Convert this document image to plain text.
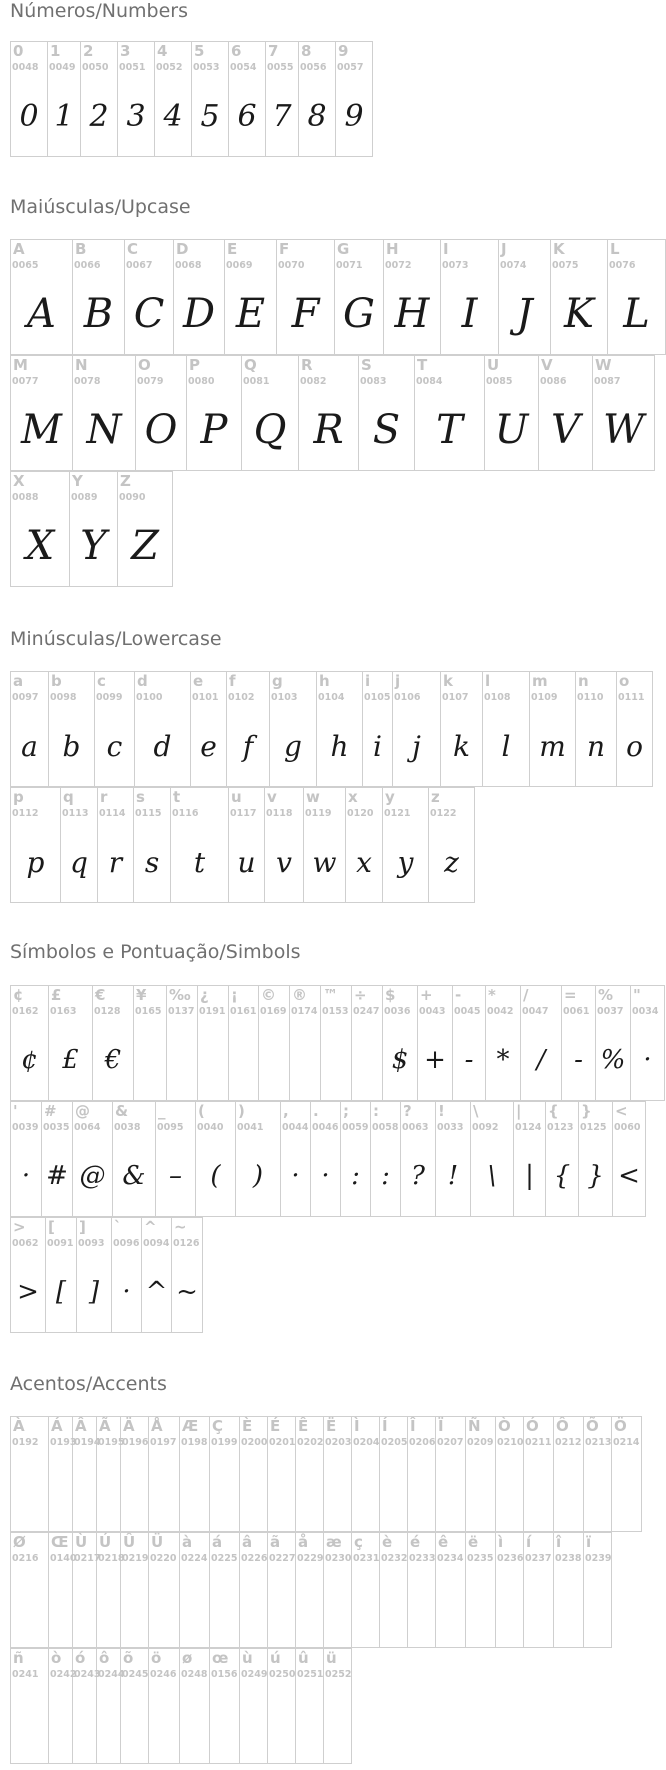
Números/Numbers
Maiúsculas/Upcase
Minúsculas/Lowercase
Símbolos e Pontuação/Simbols
Acentos/Accents
0
0048
0
1
0049
1
2
0050
2
3
0051
3
4
0052
4
5
0053
5
6
0054
6
7
0055
7
8
0056
8
9
0057
9
A
0065
A
B
0066
B
C
0067
C
D
0068
D
E
0069
E
F
0070
F
G
0071
G
H
0072
H
I
0073
I
J
0074
J
K
0075
K
L
0076
L
M
0077
M
N
0078
N
O
0079
O
P
0080
P
Q
0081
Q
R
0082
R
S
0083
S
T
0084
T
U
0085
U
V
0086
V
W
0087
W
X
0088
X
Y
0089
Y
Z
0090
Z
a
0097
a
b
0098
b
c
0099
c
d
0100
d
e
0101
e
f
0102
f
g
0103
g
h
0104
h
i
0105
i
j
0106
j
k
0107
k
l
0108
l
m
0109
m
n
0110
n
o
0111
o
p
0112
p
q
0113
q
r
0114
r
s
0115
s
t
0116
t
u
0117
u
v
0118
v
w
0119
w
x
0120
x
y
0121
y
z
0122
z
¢
0162
¢
£
0163
£
€
0128
€
¥
0165
‰
0137
¿
0191
¡
0161
©
0169
®
0174
™
0153
÷
0247
$
0036
$
+
0043
+
-
0045
-
*
0042
*
/
0047
/
=
0061
-
%
0037
%
"
0034
·
'
0039
·
#
0035
#
@
0064
@
&
0038
&
_
0095
–
(
0040
(
)
0041
)
,
0044
·
.
0046
·
;
0059
:
:
0058
:
?
0063
?
!
0033
!
\
0092
\
|
0124
|
{
0123
{
}
0125
}
<
0060
<
>
0062
>
[
0091
[
]
0093
]
`
0096
·
^
0094
^
~
0126
~
À
0192
Á
0193
Â
0194
Ã
0195
Ä
0196
Å
0197
Æ
0198
Ç
0199
È
0200
É
0201
Ê
0202
Ë
0203
Ì
0204
Í
0205
Î
0206
Ï
0207
Ñ
0209
Ò
0210
Ó
0211
Ô
0212
Õ
0213
Ö
0214
Ø
0216
Œ
0140
Ù
0217
Ú
0218
Û
0219
Ü
0220
à
0224
á
0225
â
0226
ã
0227
å
0229
æ
0230
ç
0231
è
0232
é
0233
ê
0234
ë
0235
ì
0236
í
0237
î
0238
ï
0239
ñ
0241
ò
0242
ó
0243
ô
0244
õ
0245
ö
0246
ø
0248
œ
0156
ù
0249
ú
0250
û
0251
ü
0252
